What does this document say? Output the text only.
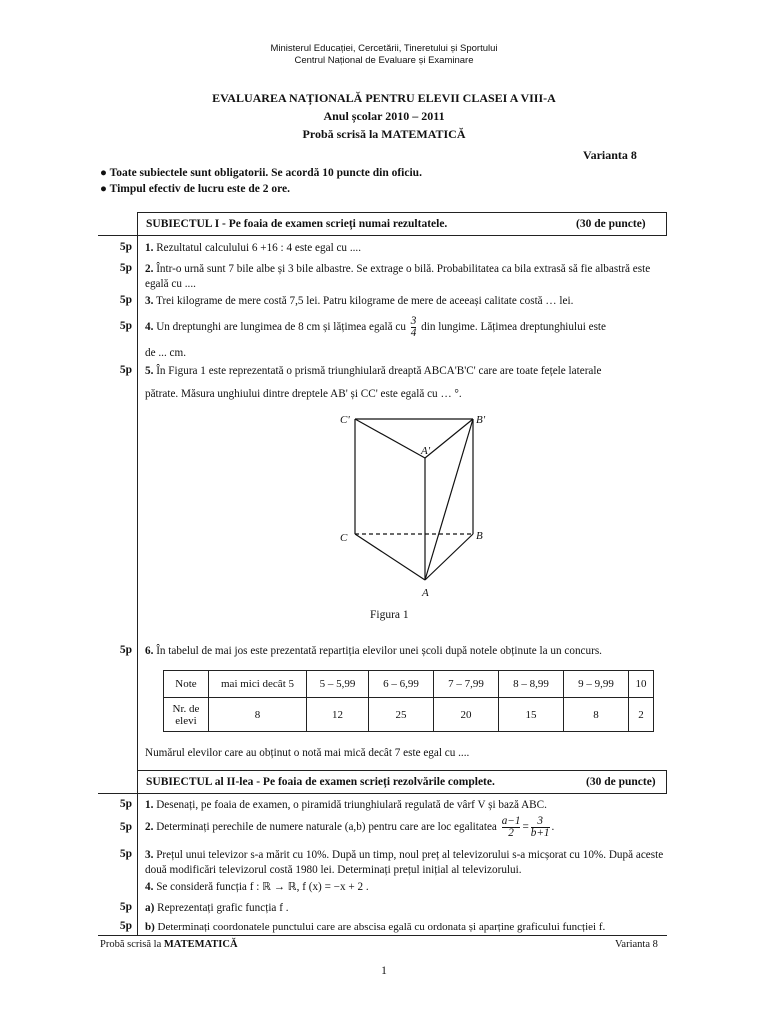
Ministerul Educației, Cercetării, Tineretului și Sportului
Centrul Național de Evaluare și Examinare
EVALUAREA NAȚIONALĂ PENTRU ELEVII CLASEI A VIII-A
Anul școlar 2010 – 2011
Probă scrisă la MATEMATICĂ
Varianta 8
● Toate subiectele sunt obligatorii. Se acordă 10 puncte din oficiu.
● Timpul efectiv de lucru este de 2 ore.
SUBIECTUL I - Pe foaia de examen scrieți numai rezultatele.	(30 de puncte)
5p 1. Rezultatul calculului 6 +16 : 4 este egal cu ....
5p 2. Într-o urnă sunt 7 bile albe și 3 bile albastre. Se extrage o bilă. Probabilitatea ca bila extrasă să fie albastră este egală cu ....
5p 3. Trei kilograme de mere costă 7,5 lei. Patru kilograme de mere de aceeași calitate costă … lei.
5p 4. Un dreptunghi are lungimea de 8 cm și lățimea egală cu $\frac{3}{4}$ din lungime. Lățimea dreptunghiului este
de ... cm.
5p 5. În Figura 1 este reprezentată o prismă triunghiulară dreaptă ABCA'B'C' care are toate fețele laterale
pătrate. Măsura unghiului dintre dreptele AB' și CC' este egală cu … °.
C'	B'
A'
C	B
A
Figura 1
5p 6. În tabelul de mai jos este prezentată repartiția elevilor unei școli după notele obținute la un concurs.
Note	mai mici decât 5	5 – 5,99	6 – 6,99	7 – 7,99	8 – 8,99	9 – 9,99	10
Nr. de elevi	8	12	25	20	15	8	2
Numărul elevilor care au obținut o notă mai mică decât 7 este egal cu ....
SUBIECTUL al II-lea - Pe foaia de examen scrieți rezolvările complete.	(30 de puncte)
5p 1. Desenați, pe foaia de examen, o piramidă triunghiulară regulată de vârf V și bază ABC.
5p 2. Determinați perechile de numere naturale (a,b) pentru care are loc egalitatea $\frac{a-1}{2} = \frac{3}{b+1}$ .
5p 3. Prețul unui televizor s-a mărit cu 10%. După un timp, noul preț al televizorului s-a micșorat cu 10%. După aceste două modificări televizorul costă 1980 lei. Determinați prețul inițial al televizorului.
4. Se consideră funcția f : ℝ → ℝ, f (x) = −x + 2 .
5p a) Reprezentați grafic funcția f .
5p b) Determinați coordonatele punctului care are abscisa egală cu ordonata și aparține graficului funcției f.
Probă scrisă la MATEMATICĂ	Varianta 8
1
